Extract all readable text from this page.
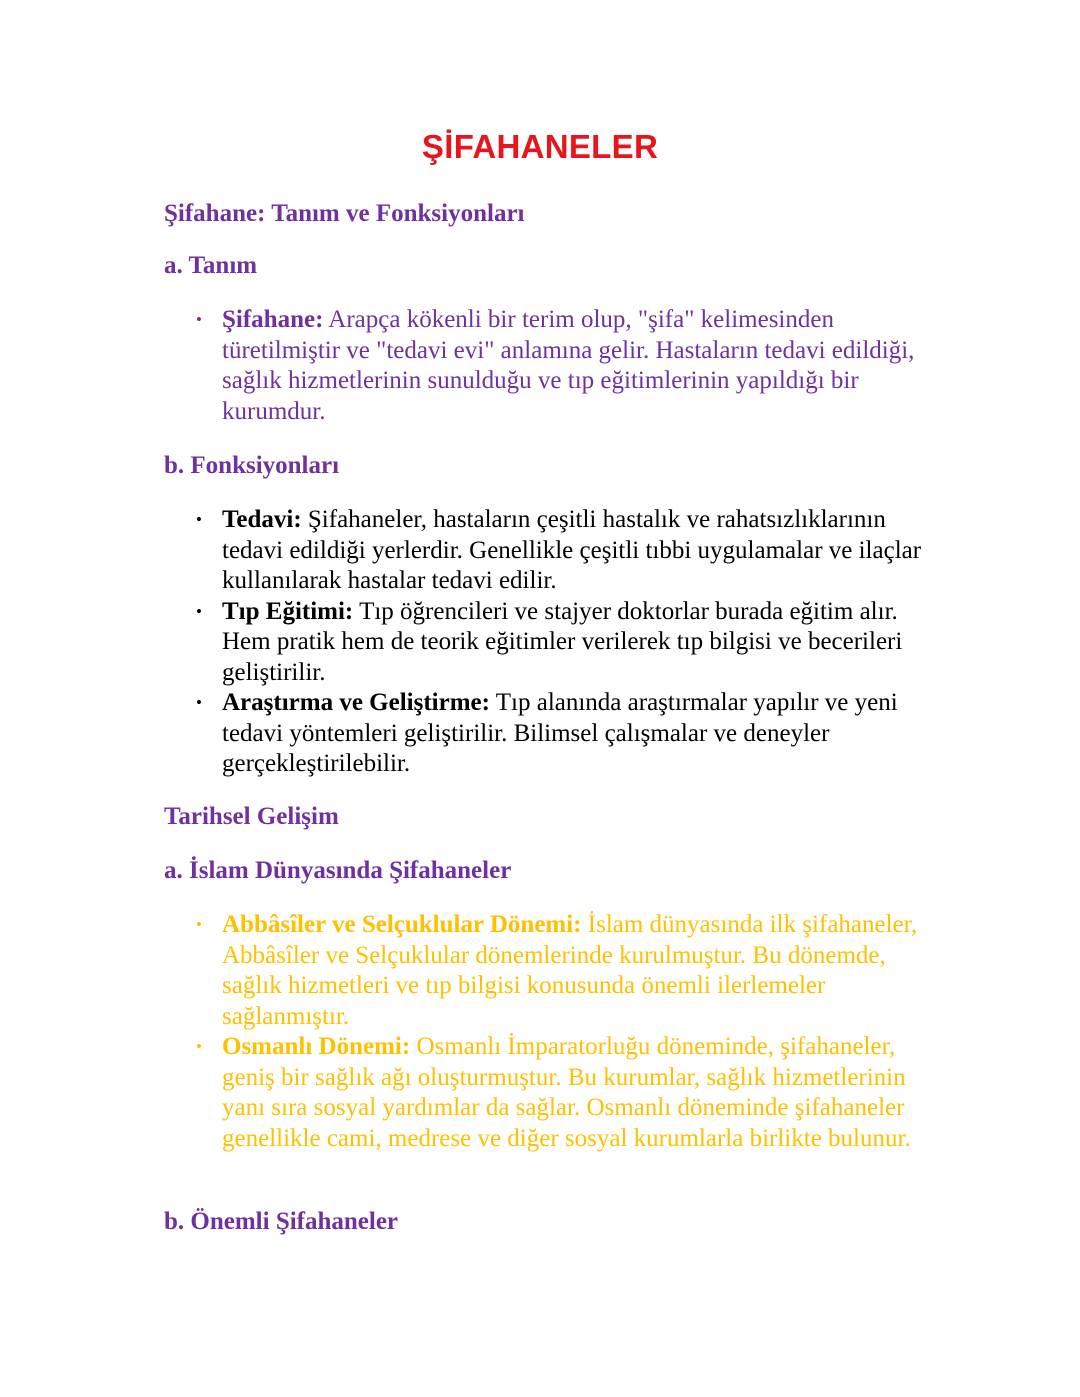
ŞİFAHANELER
Şifahane: Tanım ve Fonksiyonları
a. Tanım
• Şifahane: Arapça kökenli bir terim olup, "şifa" kelimesinden türetilmiştir ve "tedavi evi" anlamına gelir. Hastaların tedavi edildiği, sağlık hizmetlerinin sunulduğu ve tıp eğitimlerinin yapıldığı bir kurumdur.
b. Fonksiyonları
• Tedavi: Şifahaneler, hastaların çeşitli hastalık ve rahatsızlıklarının tedavi edildiği yerlerdir. Genellikle çeşitli tıbbi uygulamalar ve ilaçlar kullanılarak hastalar tedavi edilir.
• Tıp Eğitimi: Tıp öğrencileri ve stajyer doktorlar burada eğitim alır. Hem pratik hem de teorik eğitimler verilerek tıp bilgisi ve becerileri geliştirilir.
• Araştırma ve Geliştirme: Tıp alanında araştırmalar yapılır ve yeni tedavi yöntemleri geliştirilir. Bilimsel çalışmalar ve deneyler gerçekleştirilebilir.
Tarihsel Gelişim
a. İslam Dünyasında Şifahaneler
• Abbâsîler ve Selçuklular Dönemi: İslam dünyasında ilk şifahaneler, Abbâsîler ve Selçuklular dönemlerinde kurulmuştur. Bu dönemde, sağlık hizmetleri ve tıp bilgisi konusunda önemli ilerlemeler sağlanmıştır.
• Osmanlı Dönemi: Osmanlı İmparatorluğu döneminde, şifahaneler, geniş bir sağlık ağı oluşturmuştur. Bu kurumlar, sağlık hizmetlerinin yanı sıra sosyal yardımlar da sağlar. Osmanlı döneminde şifahaneler genellikle cami, medrese ve diğer sosyal kurumlarla birlikte bulunur.
b. Önemli Şifahaneler
